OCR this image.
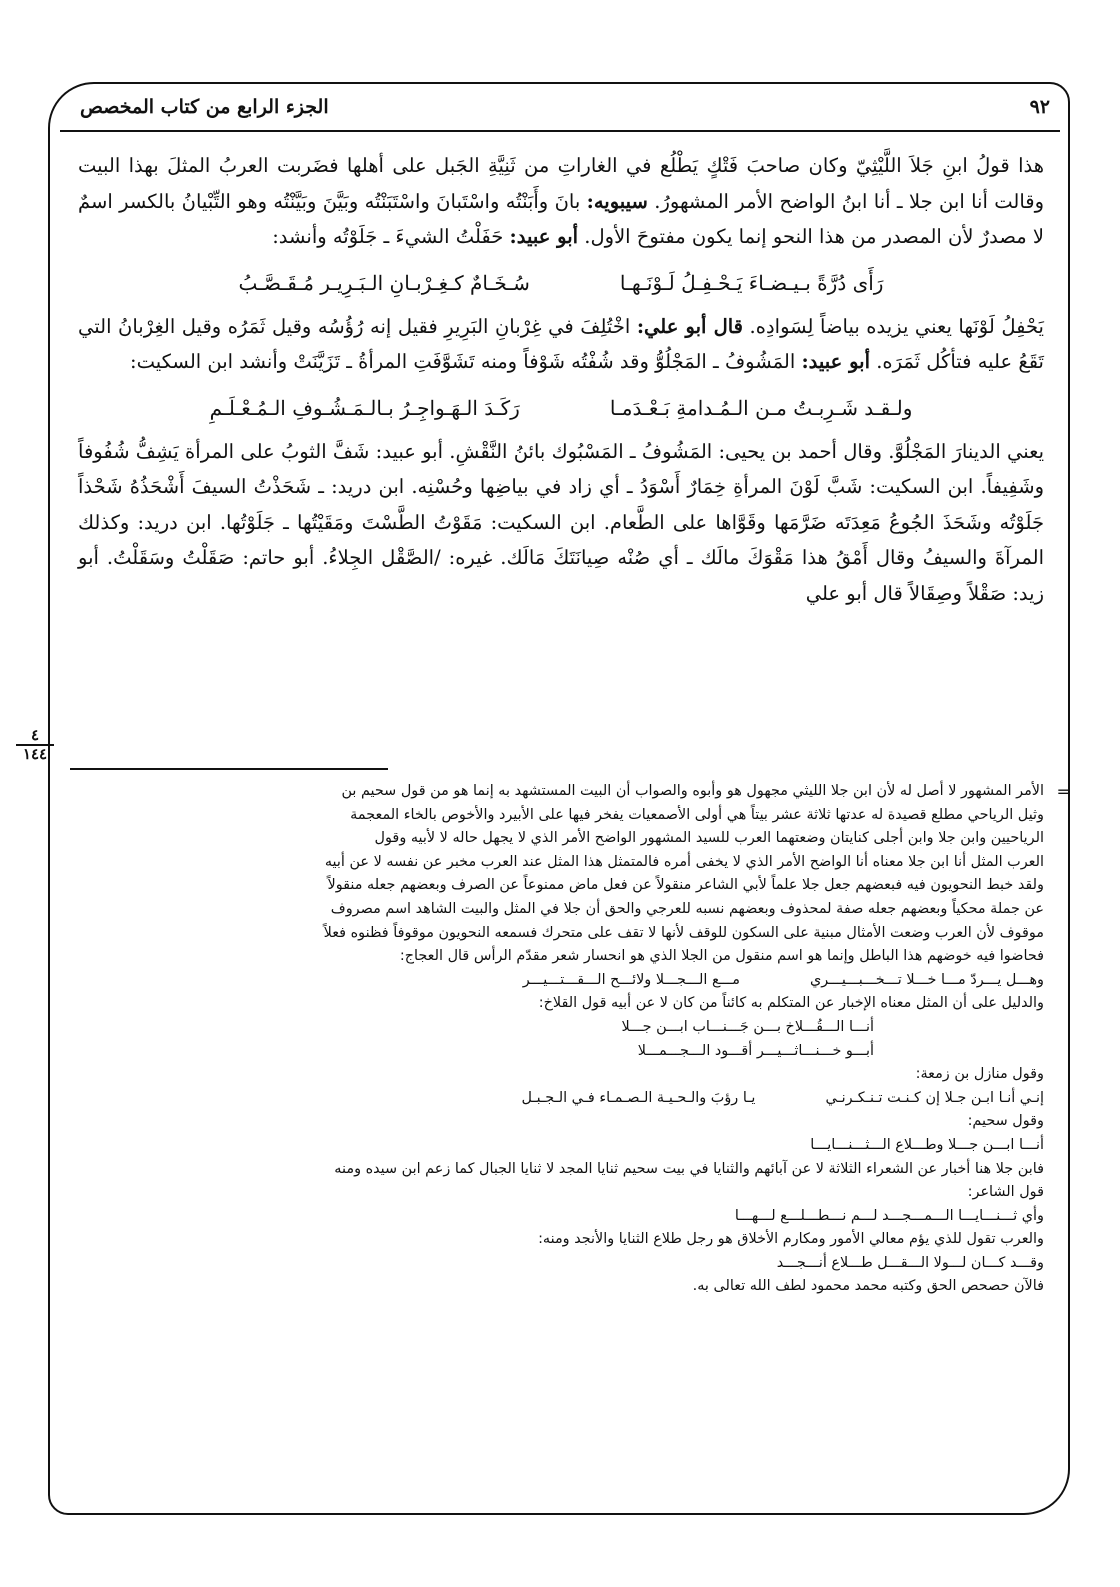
٩٢
الجزء الرابع من كتاب المخصص

هذا قولُ ابنِ جَلاَ اللَّيْثِيّ وكان صاحبَ فَتْكٍ يَطْلُع في الغاراتِ من ثَنِيَّةِ الجَبل على أهلها فضَربت العربُ المثلَ بهذا البيت وقالت أنا ابن جلا ـ أنا ابنُ الواضح الأمر المشهورُ. سيبويه: بانَ وأَبَنْتُه واسْتَبانَ واسْتَبَنْتُه وبَيَّنَ وبَيَّنْتُه وهو التِّبْيانُ بالكسر اسمٌ لا مصدرٌ لأن المصدر من هذا النحو إنما يكون مفتوحَ الأول. أبو عبيد: حَفَلْتُ الشيءَ ـ جَلَوْتُه وأنشد:

رَأَى دُرَّةً بـيـضـاءَ يَـحْـفِـلُ لَـوْنَـهـا
سُـخَـامٌ كـغِـرْبـانِ الـبَـرِيـر مُـقَـصَّـبُ

يَحْفِلُ لَوْنَها يعني يزيده بياضاً لِسَوادِه. قال أبو علي: اخْتُلِفَ في غِرْبانِ البَرِيرِ فقيل إنه رُؤُسُه وقيل ثَمَرُه وقيل الغِرْبانُ التي تَقَعُ عليه فتأكُل ثَمَرَه. أبو عبيد: المَشُوفُ ـ المَجْلُوُّ وقد شُفْتُه شَوْفاً ومنه تَشَوَّفَتِ المرأةُ ـ تَزَيَّنَتْ وأنشد ابن السكيت:

ولـقـد شَـرِبـتُ مـن الـمُـدامةِ بَـعْـدَمـا
رَكَـدَ الـهَـواجِـرُ بـالـمَـشُـوفِ الـمُـعْـلَـمِ

يعني الدينارَ المَجْلُوَّ. وقال أحمد بن يحيى: المَشُوفُ ـ المَسْبُوك بائنُ النَّقْشِ. أبو عبيد: شَفَّ الثوبُ على المرأة يَشِفُّ شُفُوفاً وشَفِيفاً. ابن السكيت: شَبَّ لَوْنَ المرأةِ خِمَارٌ أَسْوَدُ ـ أي زاد في بياضِها وحُسْنِه. ابن دريد: ـ شَحَذْتُ السيفَ أَشْحَذُهُ شَحْذاً جَلَوْتُه وشَحَذَ الجُوعُ مَعِدَتَه ضَرَّمَها وقَوَّاها على الطَّعام. ابن السكيت: مَقَوْتُ الطَّسْتَ ومَقَيْتُها ـ جَلَوْتُها. ابن دريد: وكذلك المرآةَ والسيفُ وقال أَمْقُ هذا مَقْوَكَ مالَك ـ أي صُنْه صِيانَتَكَ مَالَك. غيره: /الصَّقْل الجِلاءُ. أبو حاتم: صَقَلْتُ وسَقَلْتُ. أبو زيد: صَقْلاً وصِقَالاً قال أبو علي

٤
١٤٤
=

الأمر المشهور لا أصل له لأن ابن جلا الليثي مجهول هو وأبوه والصواب أن البيت المستشهد به إنما هو من قول سحيم بن

وثيل الرياحي مطلع قصيدة له عدتها ثلاثة عشر بيتاً هي أولى الأصمعيات يفخر فيها على الأبيرد والأخوص بالخاء المعجمة

الرياحيين وابن جلا وابن أجلى كنايتان وضعتهما العرب للسيد المشهور الواضح الأمر الذي لا يجهل حاله لا لأبيه وقول

العرب المثل أنا ابن جلا معناه أنا الواضح الأمر الذي لا يخفى أمره فالمتمثل هذا المثل عند العرب مخبر عن نفسه لا عن أبيه

ولقد خبط النحويون فيه فبعضهم جعل جلا علماً لأبي الشاعر منقولاً عن فعل ماض ممنوعاً عن الصرف وبعضهم جعله منقولاً

عن جملة محكياً وبعضهم جعله صفة لمحذوف وبعضهم نسبه للعرجي والحق أن جلا في المثل والبيت الشاهد اسم مصروف

موقوف لأن العرب وضعت الأمثال مبنية على السكون للوقف لأنها لا تقف على متحرك فسمعه النحويون موقوفاً فظنوه فعلاً

فحاضوا فيه خوضهم هذا الباطل وإنما هو اسم منقول من الجلا الذي هو انحسار شعر مقدّم الرأس قال العجاج:

وهـــل يـــردّ مـــا خـــلا تـــخـــبـــيـــري
مـــع الـــجـــلا ولائـــح الـــقـــتـــيـــر

والدليل على أن المثل معناه الإخبار عن المتكلم به كائناً من كان لا عن أبيه قول القلاخ:

أنـــا الـــقُـــلاخ بـــن جَـــنـــاب ابـــن جـــلا

أبـــو خـــنـــاثـــيـــر أقـــود الـــجـــمـــلا

وقول منازل بن زمعة:

إنـي أنـا ابـن جـلا إن كـنـت تـنـكـرنـي
يـا رؤبَ والـحـيـة الـصـمـاء فـي الـجـبـل

وقول سحيم:

أنـــا ابـــن جـــلا وطـــلاع الـــثـــنـــايـــا

فابن جلا هنا أخبار عن الشعراء الثلاثة لا عن آبائهم والثنايا في بيت سحيم ثنايا المجد لا ثنايا الجبال كما زعم ابن سيده ومنه

قول الشاعر:

وأي ثـــنـــايـــا الـــمـــجـــد لـــم نـــطـــلـــع لـــهـــا

والعرب تقول للذي يؤم معالي الأمور ومكارم الأخلاق هو رجل طلاع الثنايا والأنجد ومنه:

وقـــد كـــان لـــولا الـــقـــل طـــلاع أنـــجـــد

فالآن حصحص الحق وكتبه محمد محمود لطف الله تعالى به.
